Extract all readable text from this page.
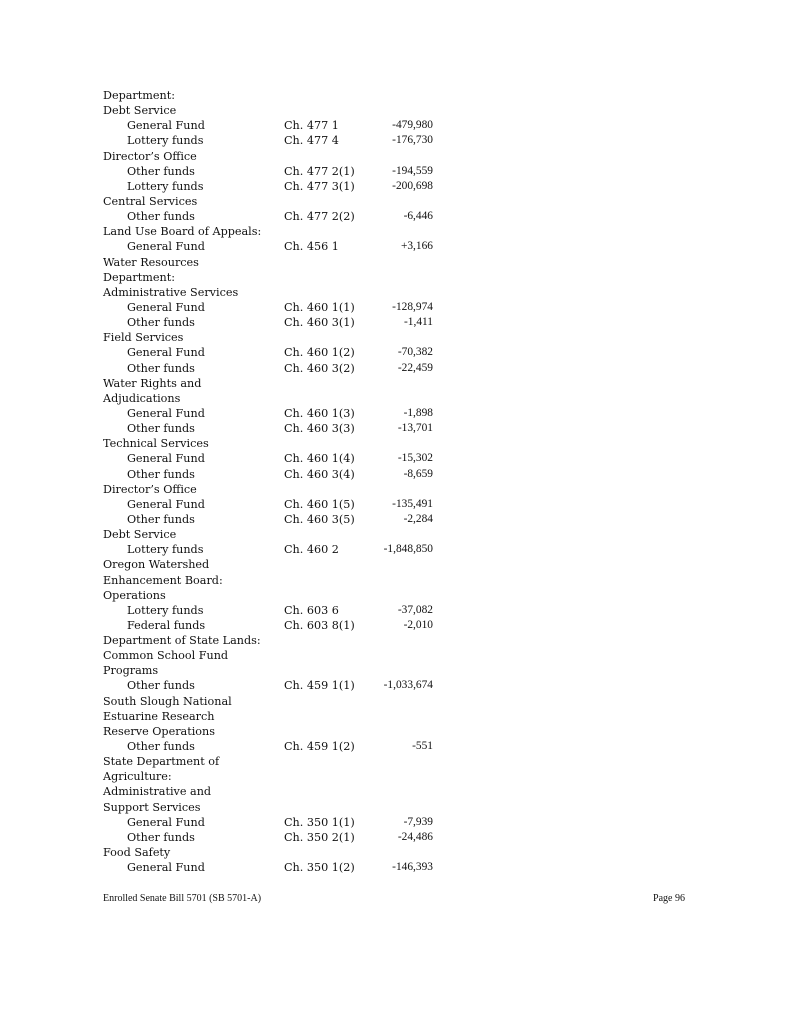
Department:
Debt Service
General Fund	Ch. 477 1	-479,980
Lottery funds	Ch. 477 4	-176,730
Director’s Office
Other funds	Ch. 477 2(1)	-194,559
Lottery funds	Ch. 477 3(1)	-200,698
Central Services
Other funds	Ch. 477 2(2)	-6,446
Land Use Board of Appeals:
General Fund	Ch. 456 1	+3,166
Water Resources
Department:
Administrative Services
General Fund	Ch. 460 1(1)	-128,974
Other funds	Ch. 460 3(1)	-1,411
Field Services
General Fund	Ch. 460 1(2)	-70,382
Other funds	Ch. 460 3(2)	-22,459
Water Rights and
Adjudications
General Fund	Ch. 460 1(3)	-1,898
Other funds	Ch. 460 3(3)	-13,701
Technical Services
General Fund	Ch. 460 1(4)	-15,302
Other funds	Ch. 460 3(4)	-8,659
Director’s Office
General Fund	Ch. 460 1(5)	-135,491
Other funds	Ch. 460 3(5)	-2,284
Debt Service
Lottery funds	Ch. 460 2	-1,848,850
Oregon Watershed
Enhancement Board:
Operations
Lottery funds	Ch. 603 6	-37,082
Federal funds	Ch. 603 8(1)	-2,010
Department of State Lands:
Common School Fund
Programs
Other funds	Ch. 459 1(1)	-1,033,674
South Slough National
Estuarine Research
Reserve Operations
Other funds	Ch. 459 1(2)	-551
State Department of
Agriculture:
Administrative and
Support Services
General Fund	Ch. 350 1(1)	-7,939
Other funds	Ch. 350 2(1)	-24,486
Food Safety
General Fund	Ch. 350 1(2)	-146,393
Enrolled Senate Bill 5701 (SB 5701-A)	Page 96
